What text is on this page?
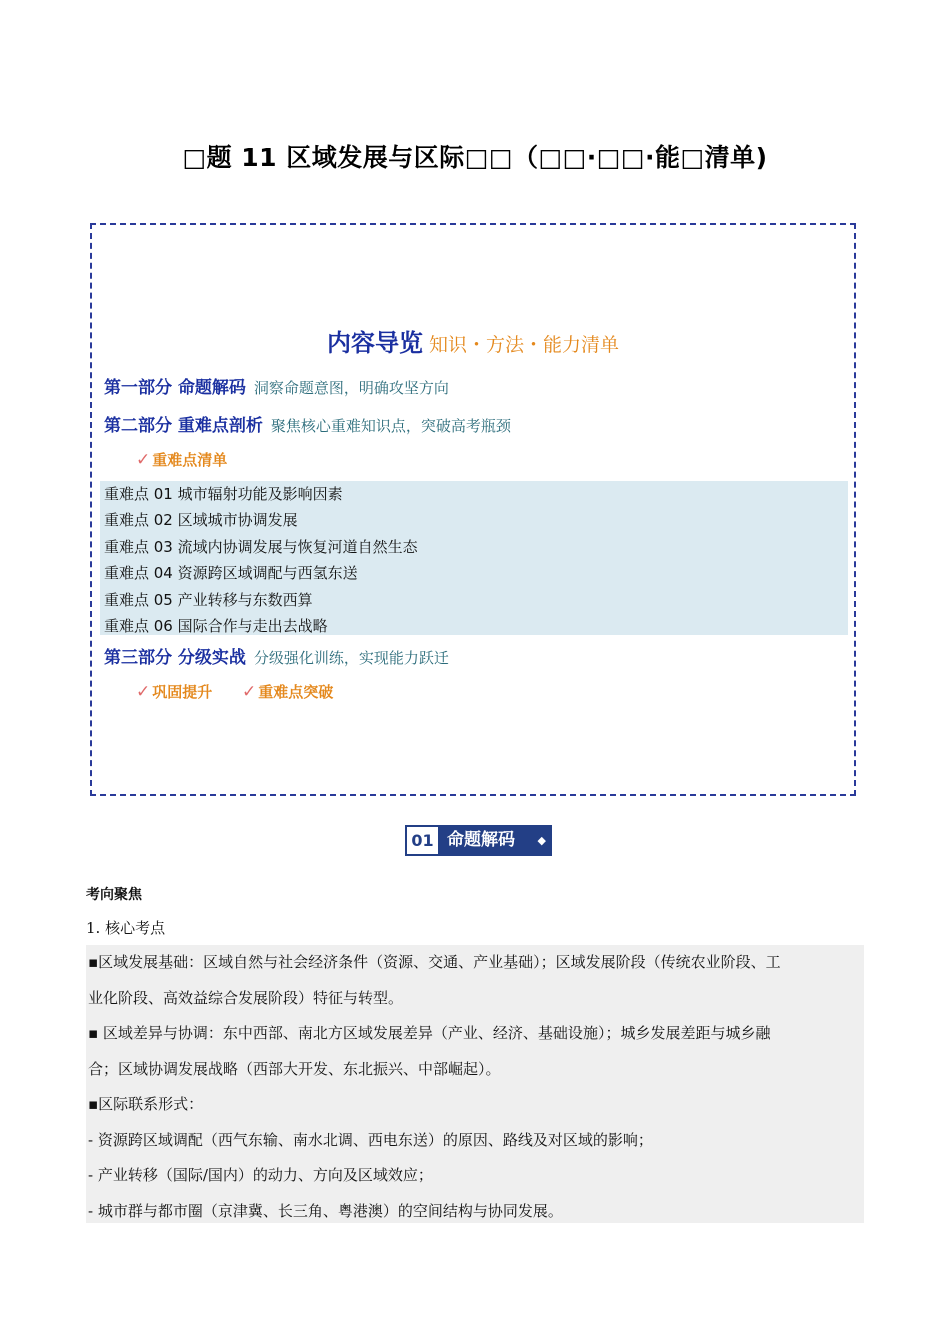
□题 11 区域发展与区际□□（□□·□□·能□清单)
内容导览 知识・方法・能力清单
第一部分 命题解码 洞察命题意图，明确攻坚方向
第二部分 重难点剖析 聚焦核心重难知识点，突破高考瓶颈
✓ 重难点清单
重难点 01 城市辐射功能及影响因素
重难点 02 区域城市协调发展
重难点 03 流域内协调发展与恢复河道自然生态
重难点 04 资源跨区域调配与西氢东送
重难点 05 产业转移与东数西算
重难点 06 国际合作与走出去战略
第三部分 分级实战 分级强化训练，实现能力跃迁
✓ 巩固提升 ✓ 重难点突破
01 命题解码 ◆
考向聚焦
1. 核心考点

▪区域发展基础：区域自然与社会经济条件（资源、交通、产业基础）；区域发展阶段（传统农业阶段、工

业化阶段、高效益综合发展阶段）特征与转型。

▪ 区域差异与协调：东中西部、南北方区域发展差异（产业、经济、基础设施）；城乡发展差距与城乡融

合；区域协调发展战略（西部大开发、东北振兴、中部崛起）。

▪区际联系形式：

- 资源跨区域调配（西气东输、南水北调、西电东送）的原因、路线及对区域的影响；

- 产业转移（国际/国内）的动力、方向及区域效应；

- 城市群与都市圈（京津冀、长三角、粤港澳）的空间结构与协同发展。
